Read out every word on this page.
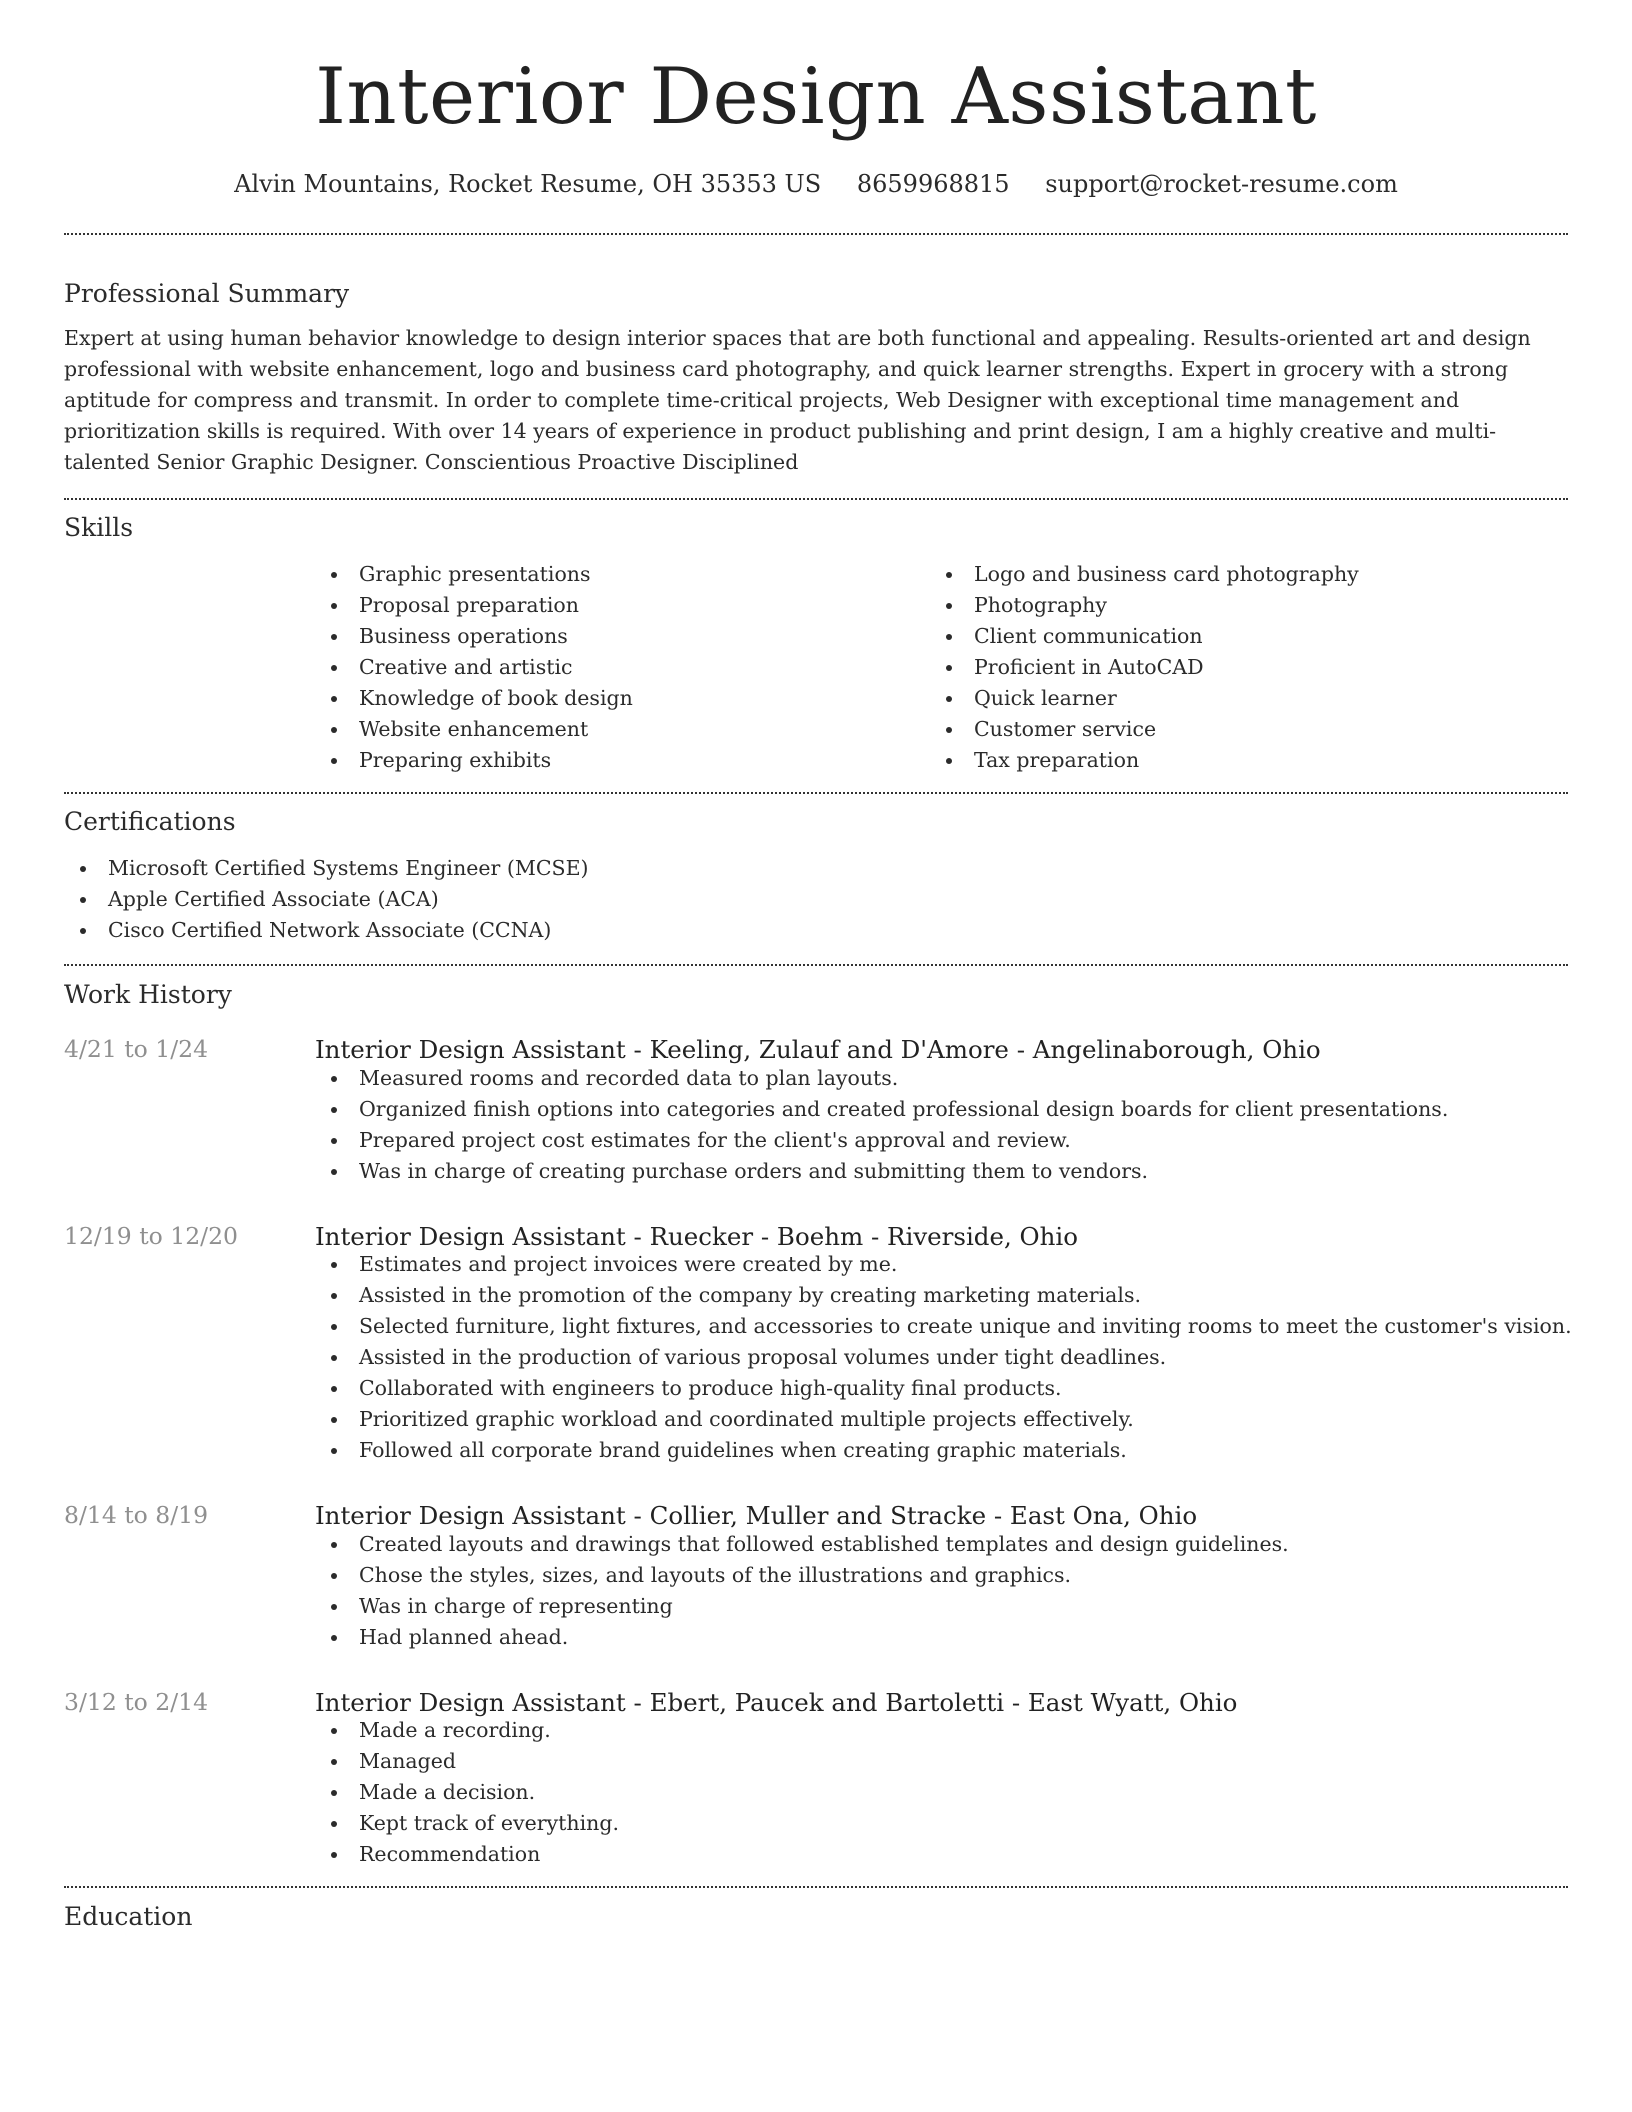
Interior Design Assistant
Alvin Mountains, Rocket Resume, OH 35353 US 8659968815 support@rocket-resume.com
Professional Summary

Expert at using human behavior knowledge to design interior spaces that are both functional and appealing. Results-oriented art and design professional with website enhancement, logo and business card photography, and quick learner strengths. Expert in grocery with a strong aptitude for compress and transmit. In order to complete time-critical projects, Web Designer with exceptional time management and prioritization skills is required. With over 14 years of experience in product publishing and print design, I am a highly creative and multi-talented Senior Graphic Designer. Conscientious Proactive Disciplined

Skills
Graphic presentations
Proposal preparation
Business operations
Creative and artistic
Knowledge of book design
Website enhancement
Preparing exhibits
Logo and business card photography
Photography
Client communication
Proficient in AutoCAD
Quick learner
Customer service
Tax preparation
Certifications
Microsoft Certified Systems Engineer (MCSE)
Apple Certified Associate (ACA)
Cisco Certified Network Associate (CCNA)
Work History
4/21 to 1/24	Interior Design Assistant - Keeling, Zulauf and D'Amore - Angelinaborough, Ohio

Measured rooms and recorded data to plan layouts.
Organized finish options into categories and created professional design boards for client presentations.
Prepared project cost estimates for the client's approval and review.
Was in charge of creating purchase orders and submitting them to vendors.
12/19 to 12/20	Interior Design Assistant - Ruecker - Boehm - Riverside, Ohio

Estimates and project invoices were created by me.
Assisted in the promotion of the company by creating marketing materials.
Selected furniture, light fixtures, and accessories to create unique and inviting rooms to meet the customer's vision.
Assisted in the production of various proposal volumes under tight deadlines.
Collaborated with engineers to produce high-quality final products.
Prioritized graphic workload and coordinated multiple projects effectively.
Followed all corporate brand guidelines when creating graphic materials.
8/14 to 8/19	Interior Design Assistant - Collier, Muller and Stracke - East Ona, Ohio

Created layouts and drawings that followed established templates and design guidelines.
Chose the styles, sizes, and layouts of the illustrations and graphics.
Was in charge of representing
Had planned ahead.
3/12 to 2/14	Interior Design Assistant - Ebert, Paucek and Bartoletti - East Wyatt, Ohio

Made a recording.
Managed
Made a decision.
Kept track of everything.
Recommendation
Education
